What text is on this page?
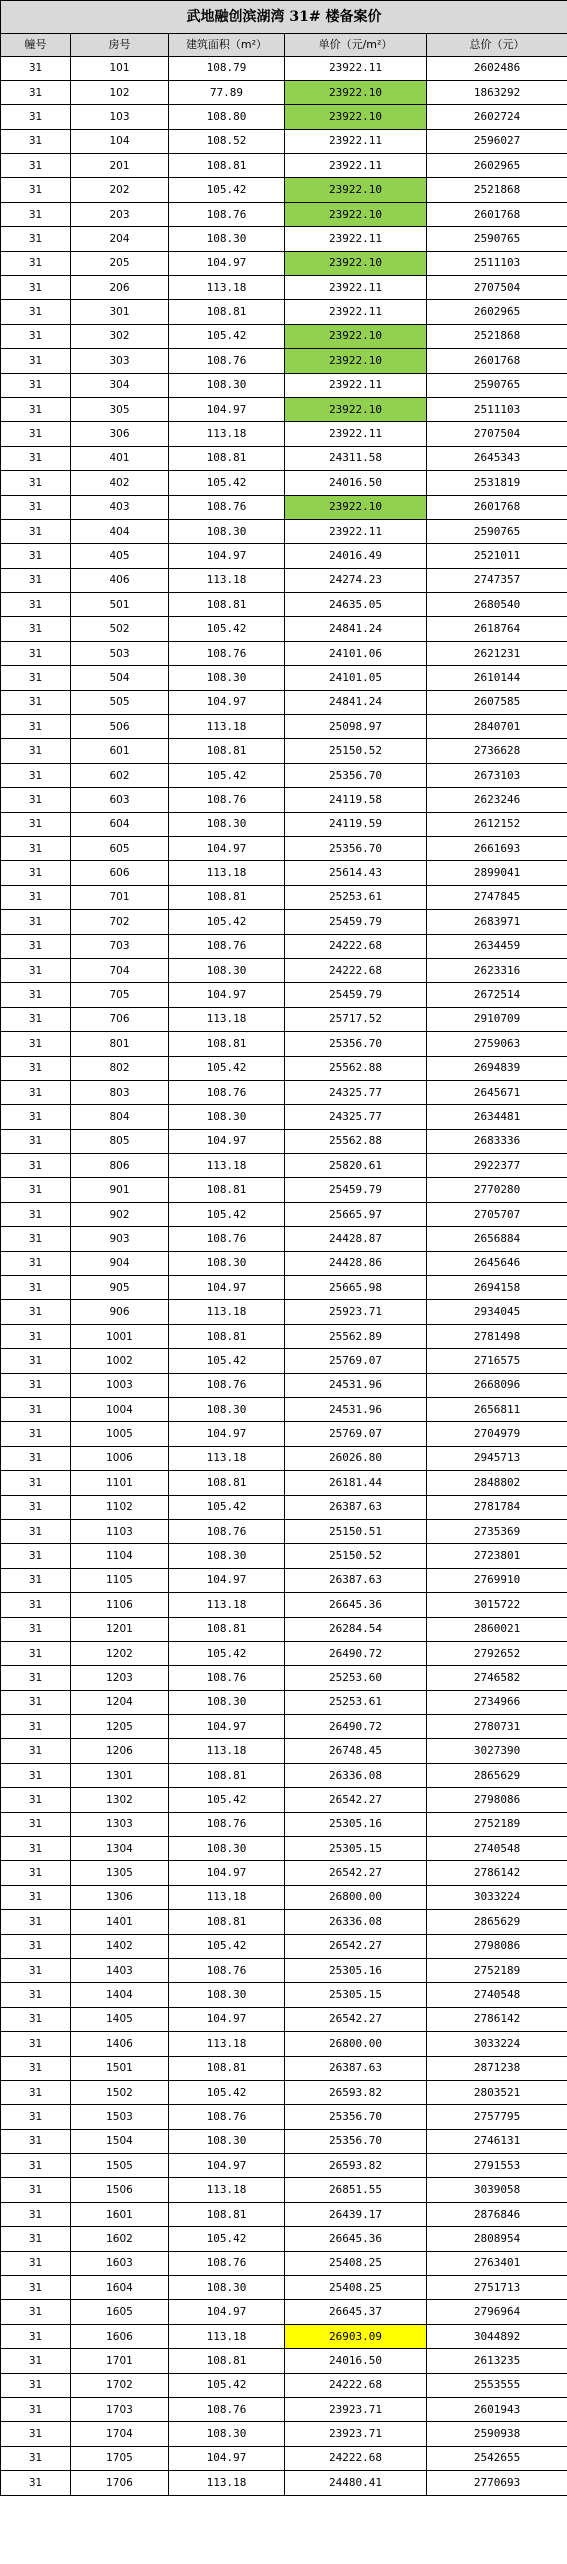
武地融创滨湖湾 31# 楼备案价				
幢号	房号	建筑面积（m²）	单价（元/m²）	总价（元）
31	101	108.79	23922.11	2602486
31	102	77.89	23922.10	1863292
31	103	108.80	23922.10	2602724
31	104	108.52	23922.11	2596027
31	201	108.81	23922.11	2602965
31	202	105.42	23922.10	2521868
31	203	108.76	23922.10	2601768
31	204	108.30	23922.11	2590765
31	205	104.97	23922.10	2511103
31	206	113.18	23922.11	2707504
31	301	108.81	23922.11	2602965
31	302	105.42	23922.10	2521868
31	303	108.76	23922.10	2601768
31	304	108.30	23922.11	2590765
31	305	104.97	23922.10	2511103
31	306	113.18	23922.11	2707504
31	401	108.81	24311.58	2645343
31	402	105.42	24016.50	2531819
31	403	108.76	23922.10	2601768
31	404	108.30	23922.11	2590765
31	405	104.97	24016.49	2521011
31	406	113.18	24274.23	2747357
31	501	108.81	24635.05	2680540
31	502	105.42	24841.24	2618764
31	503	108.76	24101.06	2621231
31	504	108.30	24101.05	2610144
31	505	104.97	24841.24	2607585
31	506	113.18	25098.97	2840701
31	601	108.81	25150.52	2736628
31	602	105.42	25356.70	2673103
31	603	108.76	24119.58	2623246
31	604	108.30	24119.59	2612152
31	605	104.97	25356.70	2661693
31	606	113.18	25614.43	2899041
31	701	108.81	25253.61	2747845
31	702	105.42	25459.79	2683971
31	703	108.76	24222.68	2634459
31	704	108.30	24222.68	2623316
31	705	104.97	25459.79	2672514
31	706	113.18	25717.52	2910709
31	801	108.81	25356.70	2759063
31	802	105.42	25562.88	2694839
31	803	108.76	24325.77	2645671
31	804	108.30	24325.77	2634481
31	805	104.97	25562.88	2683336
31	806	113.18	25820.61	2922377
31	901	108.81	25459.79	2770280
31	902	105.42	25665.97	2705707
31	903	108.76	24428.87	2656884
31	904	108.30	24428.86	2645646
31	905	104.97	25665.98	2694158
31	906	113.18	25923.71	2934045
31	1001	108.81	25562.89	2781498
31	1002	105.42	25769.07	2716575
31	1003	108.76	24531.96	2668096
31	1004	108.30	24531.96	2656811
31	1005	104.97	25769.07	2704979
31	1006	113.18	26026.80	2945713
31	1101	108.81	26181.44	2848802
31	1102	105.42	26387.63	2781784
31	1103	108.76	25150.51	2735369
31	1104	108.30	25150.52	2723801
31	1105	104.97	26387.63	2769910
31	1106	113.18	26645.36	3015722
31	1201	108.81	26284.54	2860021
31	1202	105.42	26490.72	2792652
31	1203	108.76	25253.60	2746582
31	1204	108.30	25253.61	2734966
31	1205	104.97	26490.72	2780731
31	1206	113.18	26748.45	3027390
31	1301	108.81	26336.08	2865629
31	1302	105.42	26542.27	2798086
31	1303	108.76	25305.16	2752189
31	1304	108.30	25305.15	2740548
31	1305	104.97	26542.27	2786142
31	1306	113.18	26800.00	3033224
31	1401	108.81	26336.08	2865629
31	1402	105.42	26542.27	2798086
31	1403	108.76	25305.16	2752189
31	1404	108.30	25305.15	2740548
31	1405	104.97	26542.27	2786142
31	1406	113.18	26800.00	3033224
31	1501	108.81	26387.63	2871238
31	1502	105.42	26593.82	2803521
31	1503	108.76	25356.70	2757795
31	1504	108.30	25356.70	2746131
31	1505	104.97	26593.82	2791553
31	1506	113.18	26851.55	3039058
31	1601	108.81	26439.17	2876846
31	1602	105.42	26645.36	2808954
31	1603	108.76	25408.25	2763401
31	1604	108.30	25408.25	2751713
31	1605	104.97	26645.37	2796964
31	1606	113.18	26903.09	3044892
31	1701	108.81	24016.50	2613235
31	1702	105.42	24222.68	2553555
31	1703	108.76	23923.71	2601943
31	1704	108.30	23923.71	2590938
31	1705	104.97	24222.68	2542655
31	1706	113.18	24480.41	2770693
